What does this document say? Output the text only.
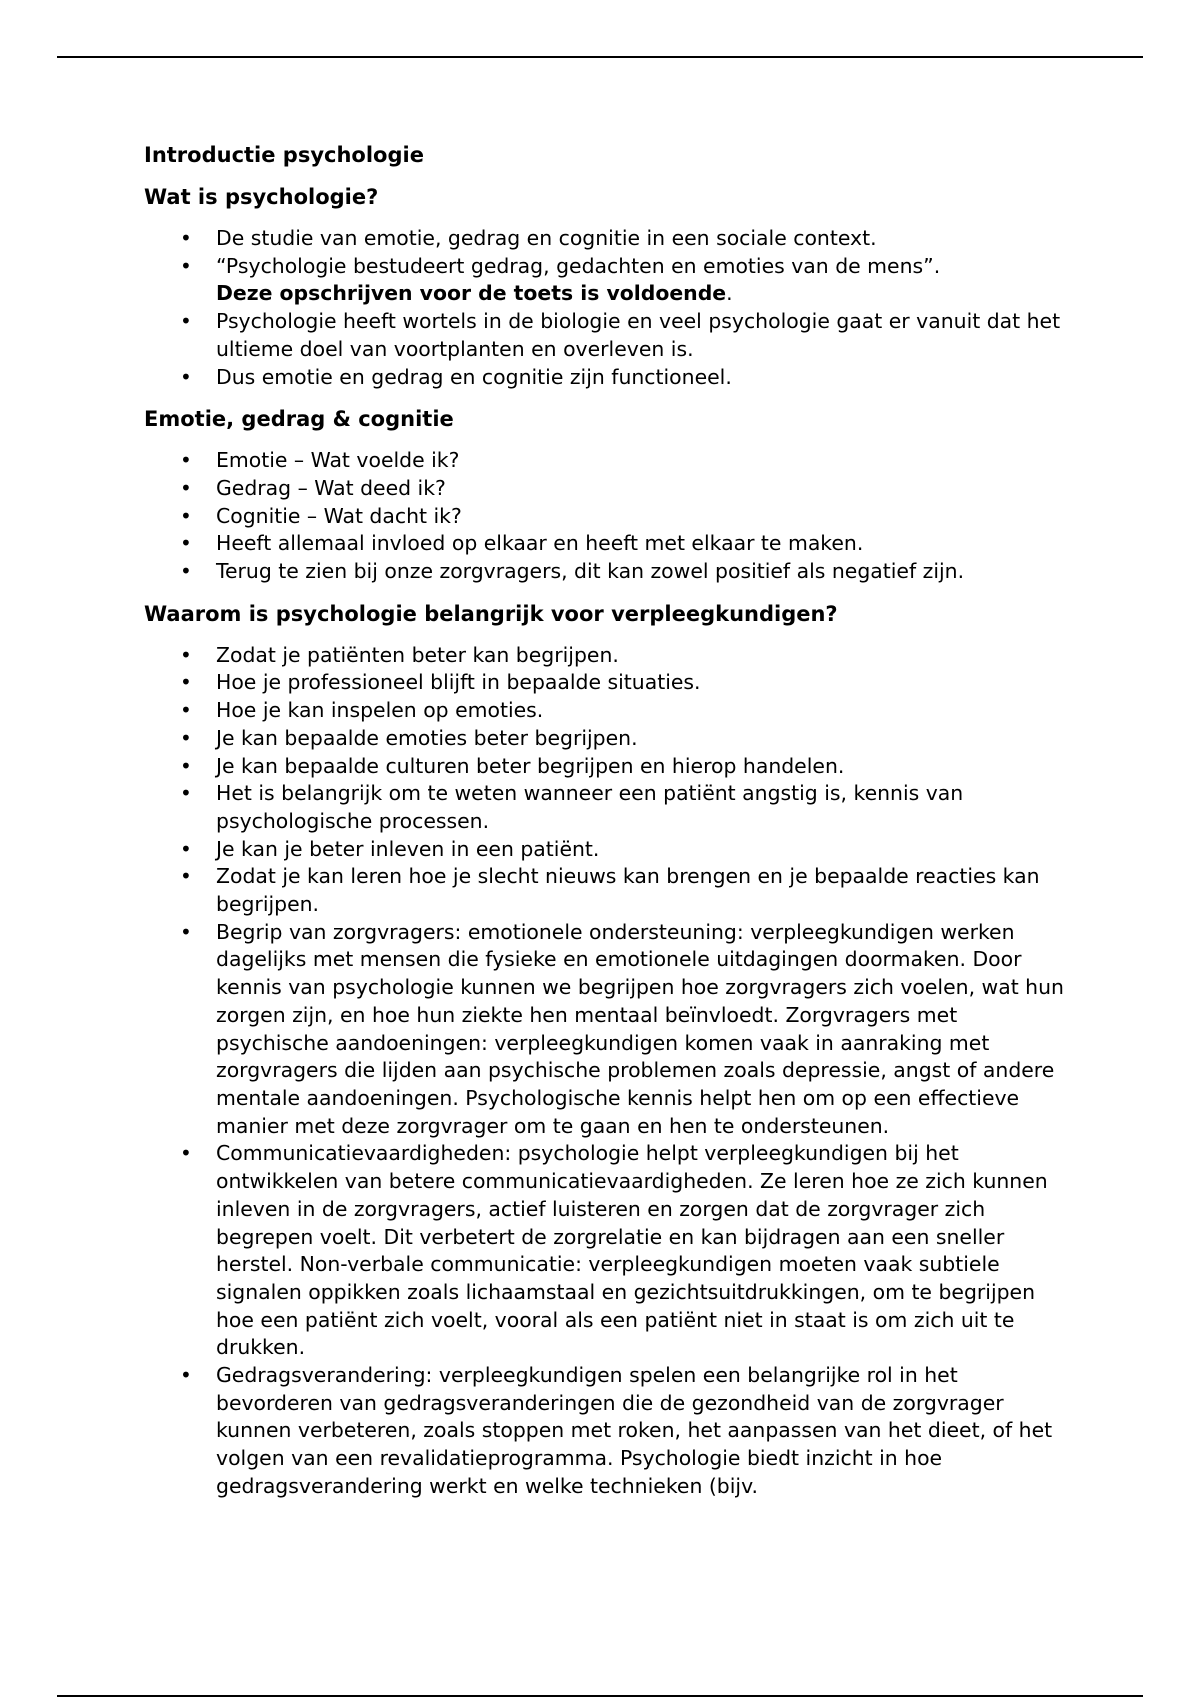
Introductie psychologie
Wat is psychologie?
• De studie van emotie, gedrag en cognitie in een sociale context.
• “Psychologie bestudeert gedrag, gedachten en emoties van de mens”.
Deze opschrijven voor de toets is voldoende.
• Psychologie heeft wortels in de biologie en veel psychologie gaat er vanuit dat het ultieme doel van voortplanten en overleven is.
• Dus emotie en gedrag en cognitie zijn functioneel.
Emotie, gedrag & cognitie
• Emotie – Wat voelde ik?
• Gedrag – Wat deed ik?
• Cognitie – Wat dacht ik?
• Heeft allemaal invloed op elkaar en heeft met elkaar te maken.
• Terug te zien bij onze zorgvragers, dit kan zowel positief als negatief zijn.
Waarom is psychologie belangrijk voor verpleegkundigen?
• Zodat je patiënten beter kan begrijpen.
• Hoe je professioneel blijft in bepaalde situaties.
• Hoe je kan inspelen op emoties.
• Je kan bepaalde emoties beter begrijpen.
• Je kan bepaalde culturen beter begrijpen en hierop handelen.
• Het is belangrijk om te weten wanneer een patiënt angstig is, kennis van psychologische processen.
• Je kan je beter inleven in een patiënt.
• Zodat je kan leren hoe je slecht nieuws kan brengen en je bepaalde reacties kan begrijpen.
• Begrip van zorgvragers: emotionele ondersteuning: verpleegkundigen werken dagelijks met mensen die fysieke en emotionele uitdagingen doormaken. Door kennis van psychologie kunnen we begrijpen hoe zorgvragers zich voelen, wat hun zorgen zijn, en hoe hun ziekte hen mentaal beïnvloedt. Zorgvragers met psychische aandoeningen: verpleegkundigen komen vaak in aanraking met zorgvragers die lijden aan psychische problemen zoals depressie, angst of andere mentale aandoeningen. Psychologische kennis helpt hen om op een effectieve manier met deze zorgvrager om te gaan en hen te ondersteunen.
• Communicatievaardigheden: psychologie helpt verpleegkundigen bij het ontwikkelen van betere communicatievaardigheden. Ze leren hoe ze zich kunnen inleven in de zorgvragers, actief luisteren en zorgen dat de zorgvrager zich begrepen voelt. Dit verbetert de zorgrelatie en kan bijdragen aan een sneller herstel. Non-verbale communicatie: verpleegkundigen moeten vaak subtiele signalen oppikken zoals lichaamstaal en gezichtsuitdrukkingen, om te begrijpen hoe een patiënt zich voelt, vooral als een patiënt niet in staat is om zich uit te drukken.
• Gedragsverandering: verpleegkundigen spelen een belangrijke rol in het bevorderen van gedragsveranderingen die de gezondheid van de zorgvrager kunnen verbeteren, zoals stoppen met roken, het aanpassen van het dieet, of het volgen van een revalidatieprogramma. Psychologie biedt inzicht in hoe gedragsverandering werkt en welke technieken (bijv.
